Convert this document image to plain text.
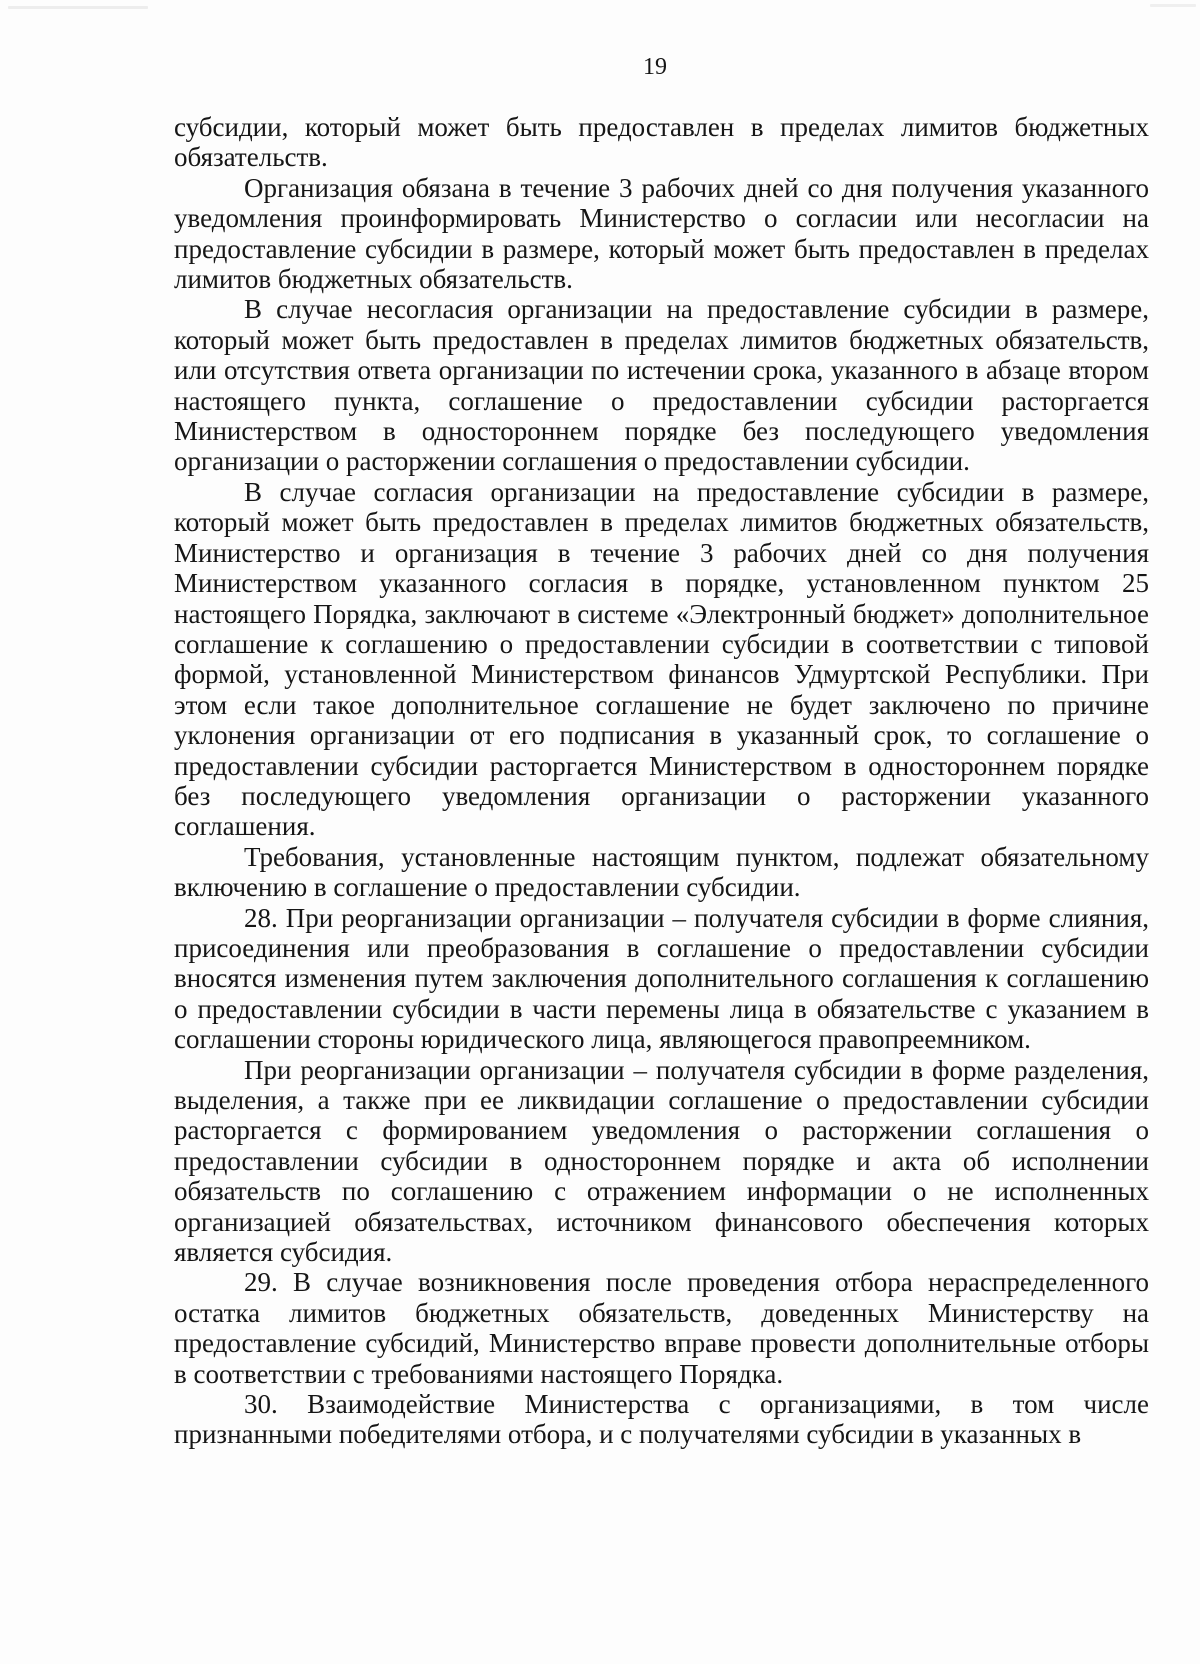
19

субсидии, который может быть предоставлен в пределах лимитов бюджетных обязательств.

Организация обязана в течение 3 рабочих дней со дня получения указанного уведомления проинформировать Министерство о согласии или несогласии на предоставление субсидии в размере, который может быть предоставлен в пределах лимитов бюджетных обязательств.

В случае несогласия организации на предоставление субсидии в размере, который может быть предоставлен в пределах лимитов бюджетных обязательств, или отсутствия ответа организации по истечении срока, указанного в абзаце втором настоящего пункта, соглашение о предоставлении субсидии расторгается Министерством в одностороннем порядке без последующего уведомления организации о расторжении соглашения о предоставлении субсидии.

В случае согласия организации на предоставление субсидии в размере, который может быть предоставлен в пределах лимитов бюджетных обязательств, Министерство и организация в течение 3 рабочих дней со дня получения Министерством указанного согласия в порядке, установленном пунктом 25 настоящего Порядка, заключают в системе «Электронный бюджет» дополнительное соглашение к соглашению о предоставлении субсидии в соответствии с типовой формой, установленной Министерством финансов Удмуртской Республики. При этом если такое дополнительное соглашение не будет заключено по причине уклонения организации от его подписания в указанный срок, то соглашение о предоставлении субсидии расторгается Министерством в одностороннем порядке без последующего уведомления организации о расторжении указанного соглашения.

Требования, установленные настоящим пунктом, подлежат обязательному включению в соглашение о предоставлении субсидии.

28. При реорганизации организации – получателя субсидии в форме слияния, присоединения или преобразования в соглашение о предоставлении субсидии вносятся изменения путем заключения дополнительного соглашения к соглашению о предоставлении субсидии в части перемены лица в обязательстве с указанием в соглашении стороны юридического лица, являющегося правопреемником.

При реорганизации организации – получателя субсидии в форме разделения, выделения, а также при ее ликвидации соглашение о предоставлении субсидии расторгается с формированием уведомления о расторжении соглашения о предоставлении субсидии в одностороннем порядке и акта об исполнении обязательств по соглашению с отражением информации о не исполненных организацией обязательствах, источником финансового обеспечения которых является субсидия.

29. В случае возникновения после проведения отбора нераспределенного остатка лимитов бюджетных обязательств, доведенных Министерству на предоставление субсидий, Министерство вправе провести дополнительные отборы в соответствии с требованиями настоящего Порядка.

30. Взаимодействие Министерства с организациями, в том числе признанными победителями отбора, и с получателями субсидии в указанных в
